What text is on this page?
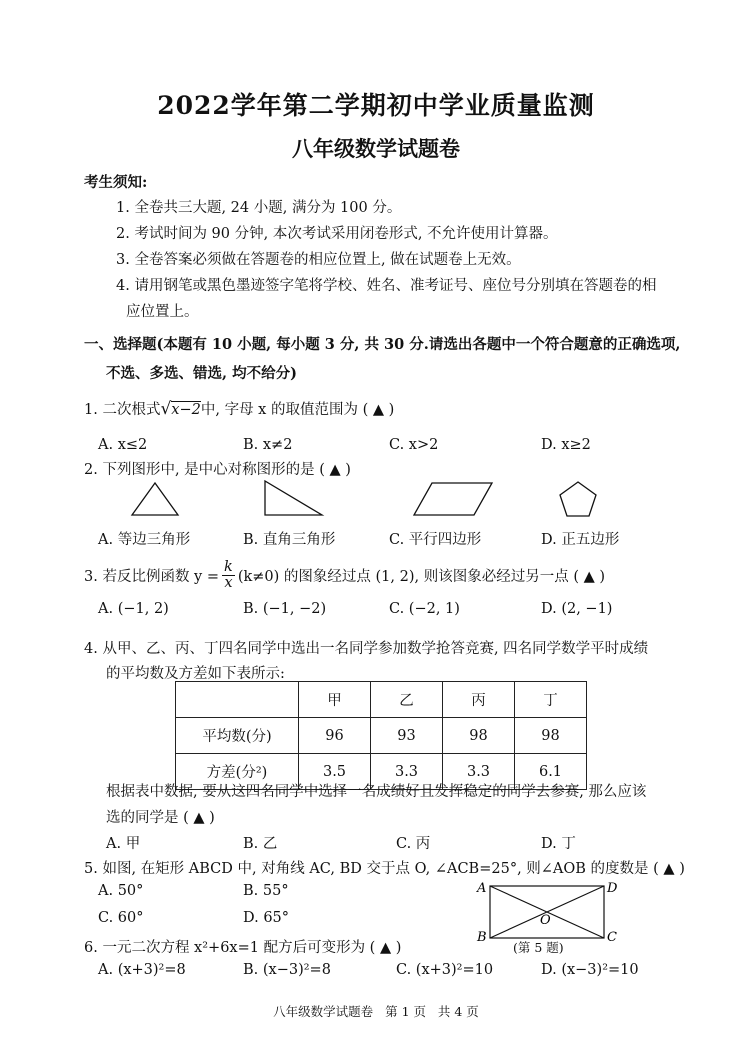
2022学年第二学期初中学业质量监测
八年级数学试题卷
考生须知:
1. 全卷共三大题, 24 小题, 满分为 100 分。
2. 考试时间为 90 分钟, 本次考试采用闭卷形式, 不允许使用计算器。
3. 全卷答案必须做在答题卷的相应位置上, 做在试题卷上无效。
4. 请用钢笔或黑色墨迹签字笔将学校、姓名、准考证号、座位号分别填在答题卷的相
应位置上。
一、选择题(本题有 10 小题, 每小题 3 分, 共 30 分.请选出各题中一个符合题意的正确选项,
不选、多选、错选, 均不给分)
1. 二次根式√x−2中, 字母 x 的取值范围为 ( ▲ )
A. x≤2	B. x≠2	C. x>2	D. x≥2
2. 下列图形中, 是中心对称图形的是 ( ▲ )
A. 等边三角形	B. 直角三角形	C. 平行四边形	D. 正五边形
3. 若反比例函数 $y = \frac{k}{x} (k\ne 0)$ 的图象经过点 (1, 2), 则该图象必经过另一点 ( ▲ )
A. (−1, 2)	B. (−1, −2)	C. (−2, 1)	D. (2, −1)
4. 从甲、乙、丙、丁四名同学中选出一名同学参加数学抢答竞赛, 四名同学数学平时成绩
的平均数及方差如下表所示:
	甲	乙	丙	丁
平均数(分)	96	93	98	98
方差(分²)	3.5	3.3	3.3	6.1
根据表中数据, 要从这四名同学中选择一名成绩好且发挥稳定的同学去参赛, 那么应该
选的同学是 ( ▲ )
A. 甲	B. 乙	C. 丙	D. 丁
5. 如图, 在矩形 ABCD 中, 对角线 AC, BD 交于点 O, ∠ACB=25°, 则∠AOB 的度数是 ( ▲ )
A. 50°	B. 55°
C. 60°	D. 65°
A	D
O
B	C
(第 5 题)
6. 一元二次方程 x²+6x=1 配方后可变形为 ( ▲ )
A. (x+3)²=8	B. (x−3)²=8	C. (x+3)²=10	D. (x−3)²=10
八年级数学试题卷   第 1 页   共 4 页
